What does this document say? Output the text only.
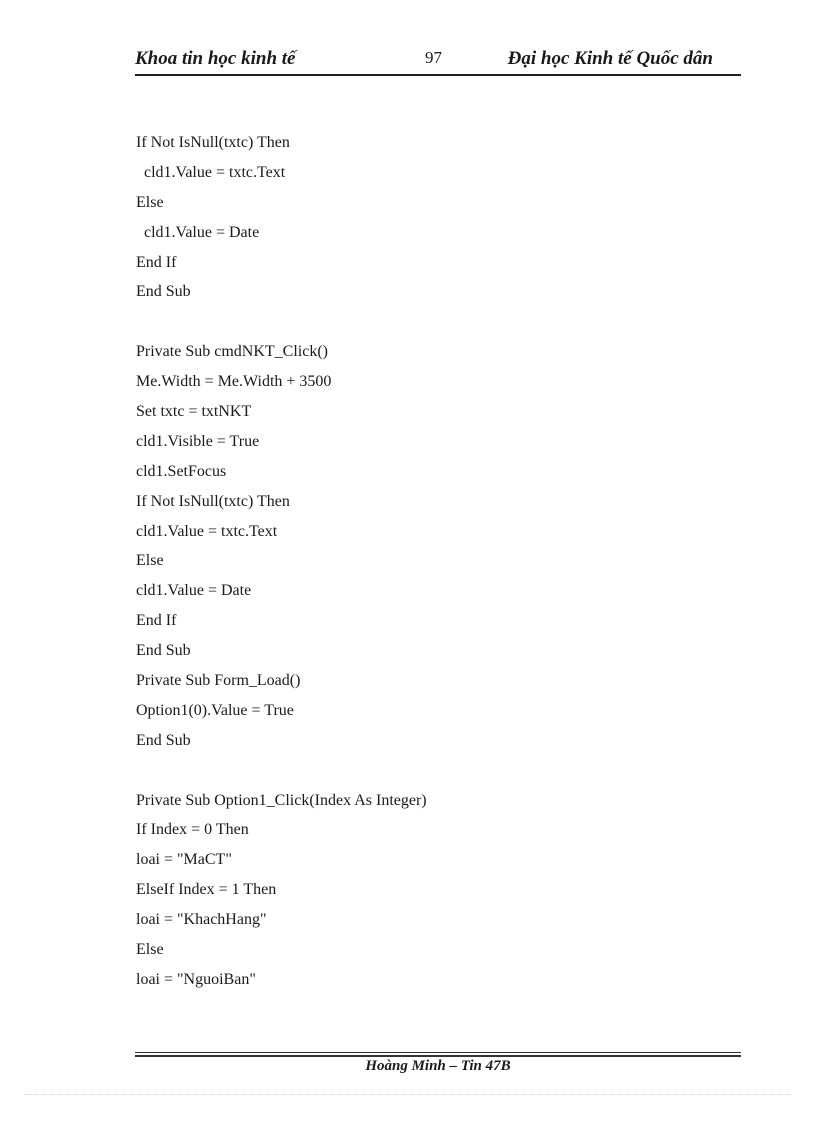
Khoa tin học kinh tế	97	Đại học Kinh tế Quốc dân
If Not IsNull(txtc) Then
cld1.Value = txtc.Text
Else
cld1.Value = Date
End If
End Sub
Private Sub cmdNKT_Click()
Me.Width = Me.Width + 3500
Set txtc = txtNKT
cld1.Visible = True
cld1.SetFocus
If Not IsNull(txtc) Then
cld1.Value = txtc.Text
Else
cld1.Value = Date
End If
End Sub
Private Sub Form_Load()
Option1(0).Value = True
End Sub
Private Sub Option1_Click(Index As Integer)
If Index = 0 Then
loai = "MaCT"
ElseIf Index = 1 Then
loai = "KhachHang"
Else
loai = "NguoiBan"
Hoàng Minh – Tin 47B
